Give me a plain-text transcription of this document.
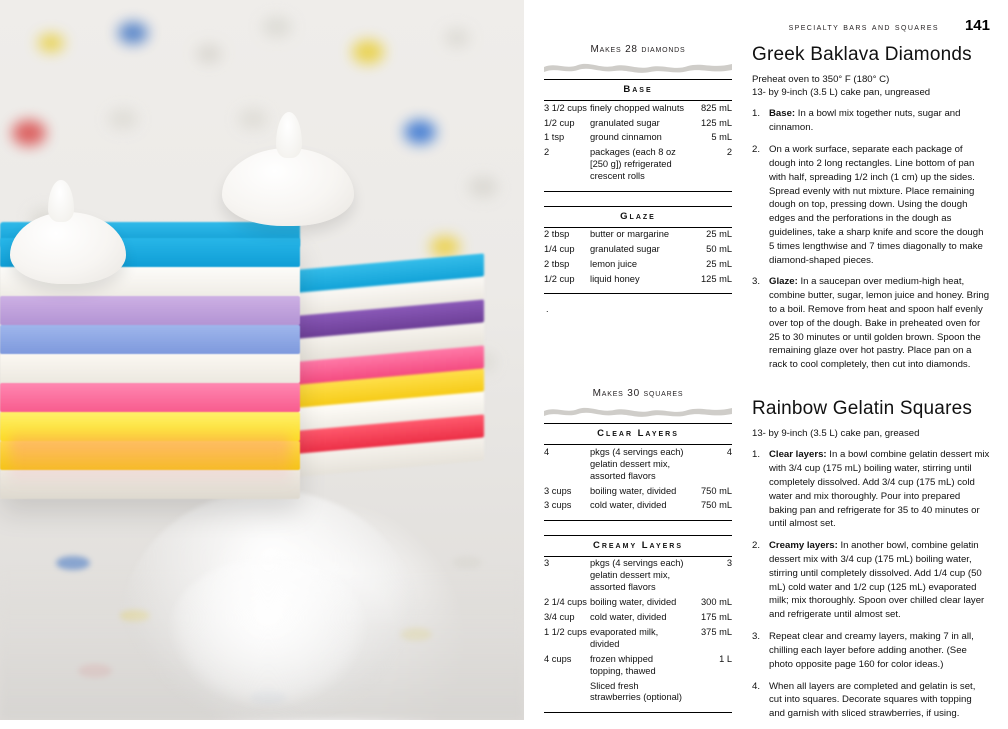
specialty bars and squares 141
Makes 28 diamonds
Base		
3 1/2 cups	finely chopped walnuts	825 mL
1/2 cup	granulated sugar	125 mL
1 tsp	ground cinnamon	5 mL
2	packages (each 8 oz [250 g]) refrigerated crescent rolls	2

Glaze		
2 tbsp	butter or margarine	25 mL
1/4 cup	granulated sugar	50 mL
2 tbsp	lemon juice	25 mL
1/2 cup	liquid honey	125 mL

.
Makes 30 squares
Clear Layers		
4	pkgs (4 servings each) gelatin dessert mix, assorted flavors	4
3 cups	boiling water, divided	750 mL
3 cups	cold water, divided	750 mL

Creamy Layers		
3	pkgs (4 servings each) gelatin dessert mix, assorted flavors	3
2 1/4 cups	boiling water, divided	300 mL
3/4 cup	cold water, divided	175 mL
1 1/2 cups	evaporated milk, divided	375 mL
4 cups	frozen whipped topping, thawed	1 L
	Sliced fresh strawberries (optional)	

Greek Baklava Diamonds

Preheat oven to 350° F (180° C)
13- by 9-inch (3.5 L) cake pan, ungreased

1. Base: In a bowl mix together nuts, sugar and cinnamon.
2. On a work surface, separate each package of dough into 2 long rectangles. Line bottom of pan with half, spreading 1/2 inch (1 cm) up the sides. Spread evenly with nut mixture. Place remaining dough on top, pressing down. Using the dough edges and the perforations in the dough as guidelines, take a sharp knife and score the dough 5 times lengthwise and 7 times diagonally to make diamond-shaped pieces.
3. Glaze: In a saucepan over medium-high heat, combine butter, sugar, lemon juice and honey. Bring to a boil. Remove from heat and spoon half evenly over top of the dough. Bake in preheated oven for 25 to 30 minutes or until golden brown. Spoon the remaining glaze over hot pastry. Place pan on a rack to cool completely, then cut into diamonds.
Rainbow Gelatin Squares

13- by 9-inch (3.5 L) cake pan, greased

1. Clear layers: In a bowl combine gelatin dessert mix with 3/4 cup (175 mL) boiling water, stirring until completely dissolved. Add 3/4 cup (175 mL) cold water and mix thoroughly. Pour into prepared baking pan and refrigerate for 35 to 40 minutes or until almost set.
2. Creamy layers: In another bowl, combine gelatin dessert mix with 3/4 cup (175 mL) boiling water, stirring until completely dissolved. Add 1/4 cup (50 mL) cold water and 1/2 cup (125 mL) evaporated milk; mix thoroughly. Spoon over chilled clear layer and refrigerate until almost set.
3. Repeat clear and creamy layers, making 7 in all, chilling each layer before adding another. (See photo opposite page 160 for color ideas.)
4. When all layers are completed and gelatin is set, cut into squares. Decorate squares with topping and garnish with sliced strawberries, if using.
